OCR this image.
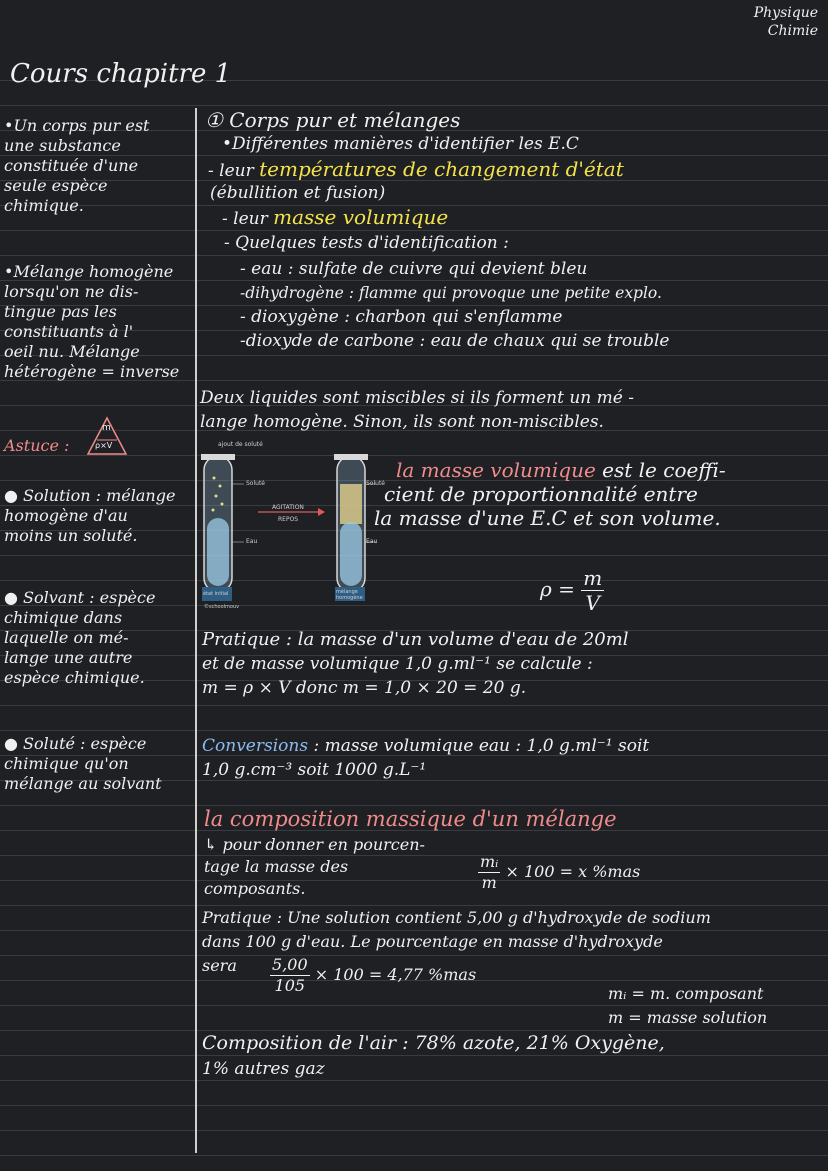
Physique
Chimie
Cours chapitre 1
•Un corps pur est
une substance
constituée d'une
seule espèce
chimique.
•Mélange homogène
lorsqu'on ne dis-
tingue pas les
constituants à l'
oeil nu. Mélange
hétérogène = inverse
Astuce :
m
ρ×V
● Solution : mélange
homogène d'au
moins un soluté.
● Solvant : espèce
chimique dans
laquelle on mé-
lange une autre
espèce chimique.
● Soluté : espèce
chimique qu'on
mélange au solvant
① Corps pur et mélanges
•Différentes manières d'identifier les E.C
- leur températures de changement d'état
(ébullition et fusion)
- leur masse volumique
- Quelques tests d'identification :
- eau : sulfate de cuivre qui devient bleu
-dihydrogène : flamme qui provoque une petite explo.
- dioxygène : charbon qui s'enflamme
-dioxyde de carbone : eau de chaux qui se trouble
Deux liquides sont miscibles si ils forment un mé -
lange homogène. Sinon, ils sont non-miscibles.
ajout de soluté
Soluté
Eau
Soluté
Eau
AGITATION
REPOS
état initial	mélange homogène
©schoolmouv
la masse volumique est le coeffi-
cient de proportionnalité entre
la masse d'une E.C et son volume.
$\rho = \frac{m}{V}$
Pratique : la masse d'un volume d'eau de 20ml
et de masse volumique 1,0 g.ml⁻¹ se calcule :
m = ρ × V donc m = 1,0 × 20 = 20 g.
Conversions : masse volumique eau : 1,0 g.ml⁻¹ soit
1,0 g.cm⁻³ soit 1000 g.L⁻¹
la composition massique d'un mélange
↳ pour donner en pourcen-
tage la masse des
composants.	$\frac{\text{mᵢ}}{m} \times 100 = x$ %mas
Pratique : Une solution contient 5,00 g d'hydroxyde de sodium
dans 100 g d'eau. Le pourcentage en masse d'hydroxyde
sera	$\frac{5,00}{105} \times 100 = 4,77$ %mas
mᵢ = m. composant
m = masse solution
Composition de l'air : 78% azote, 21% Oxygène,
1% autres gaz
